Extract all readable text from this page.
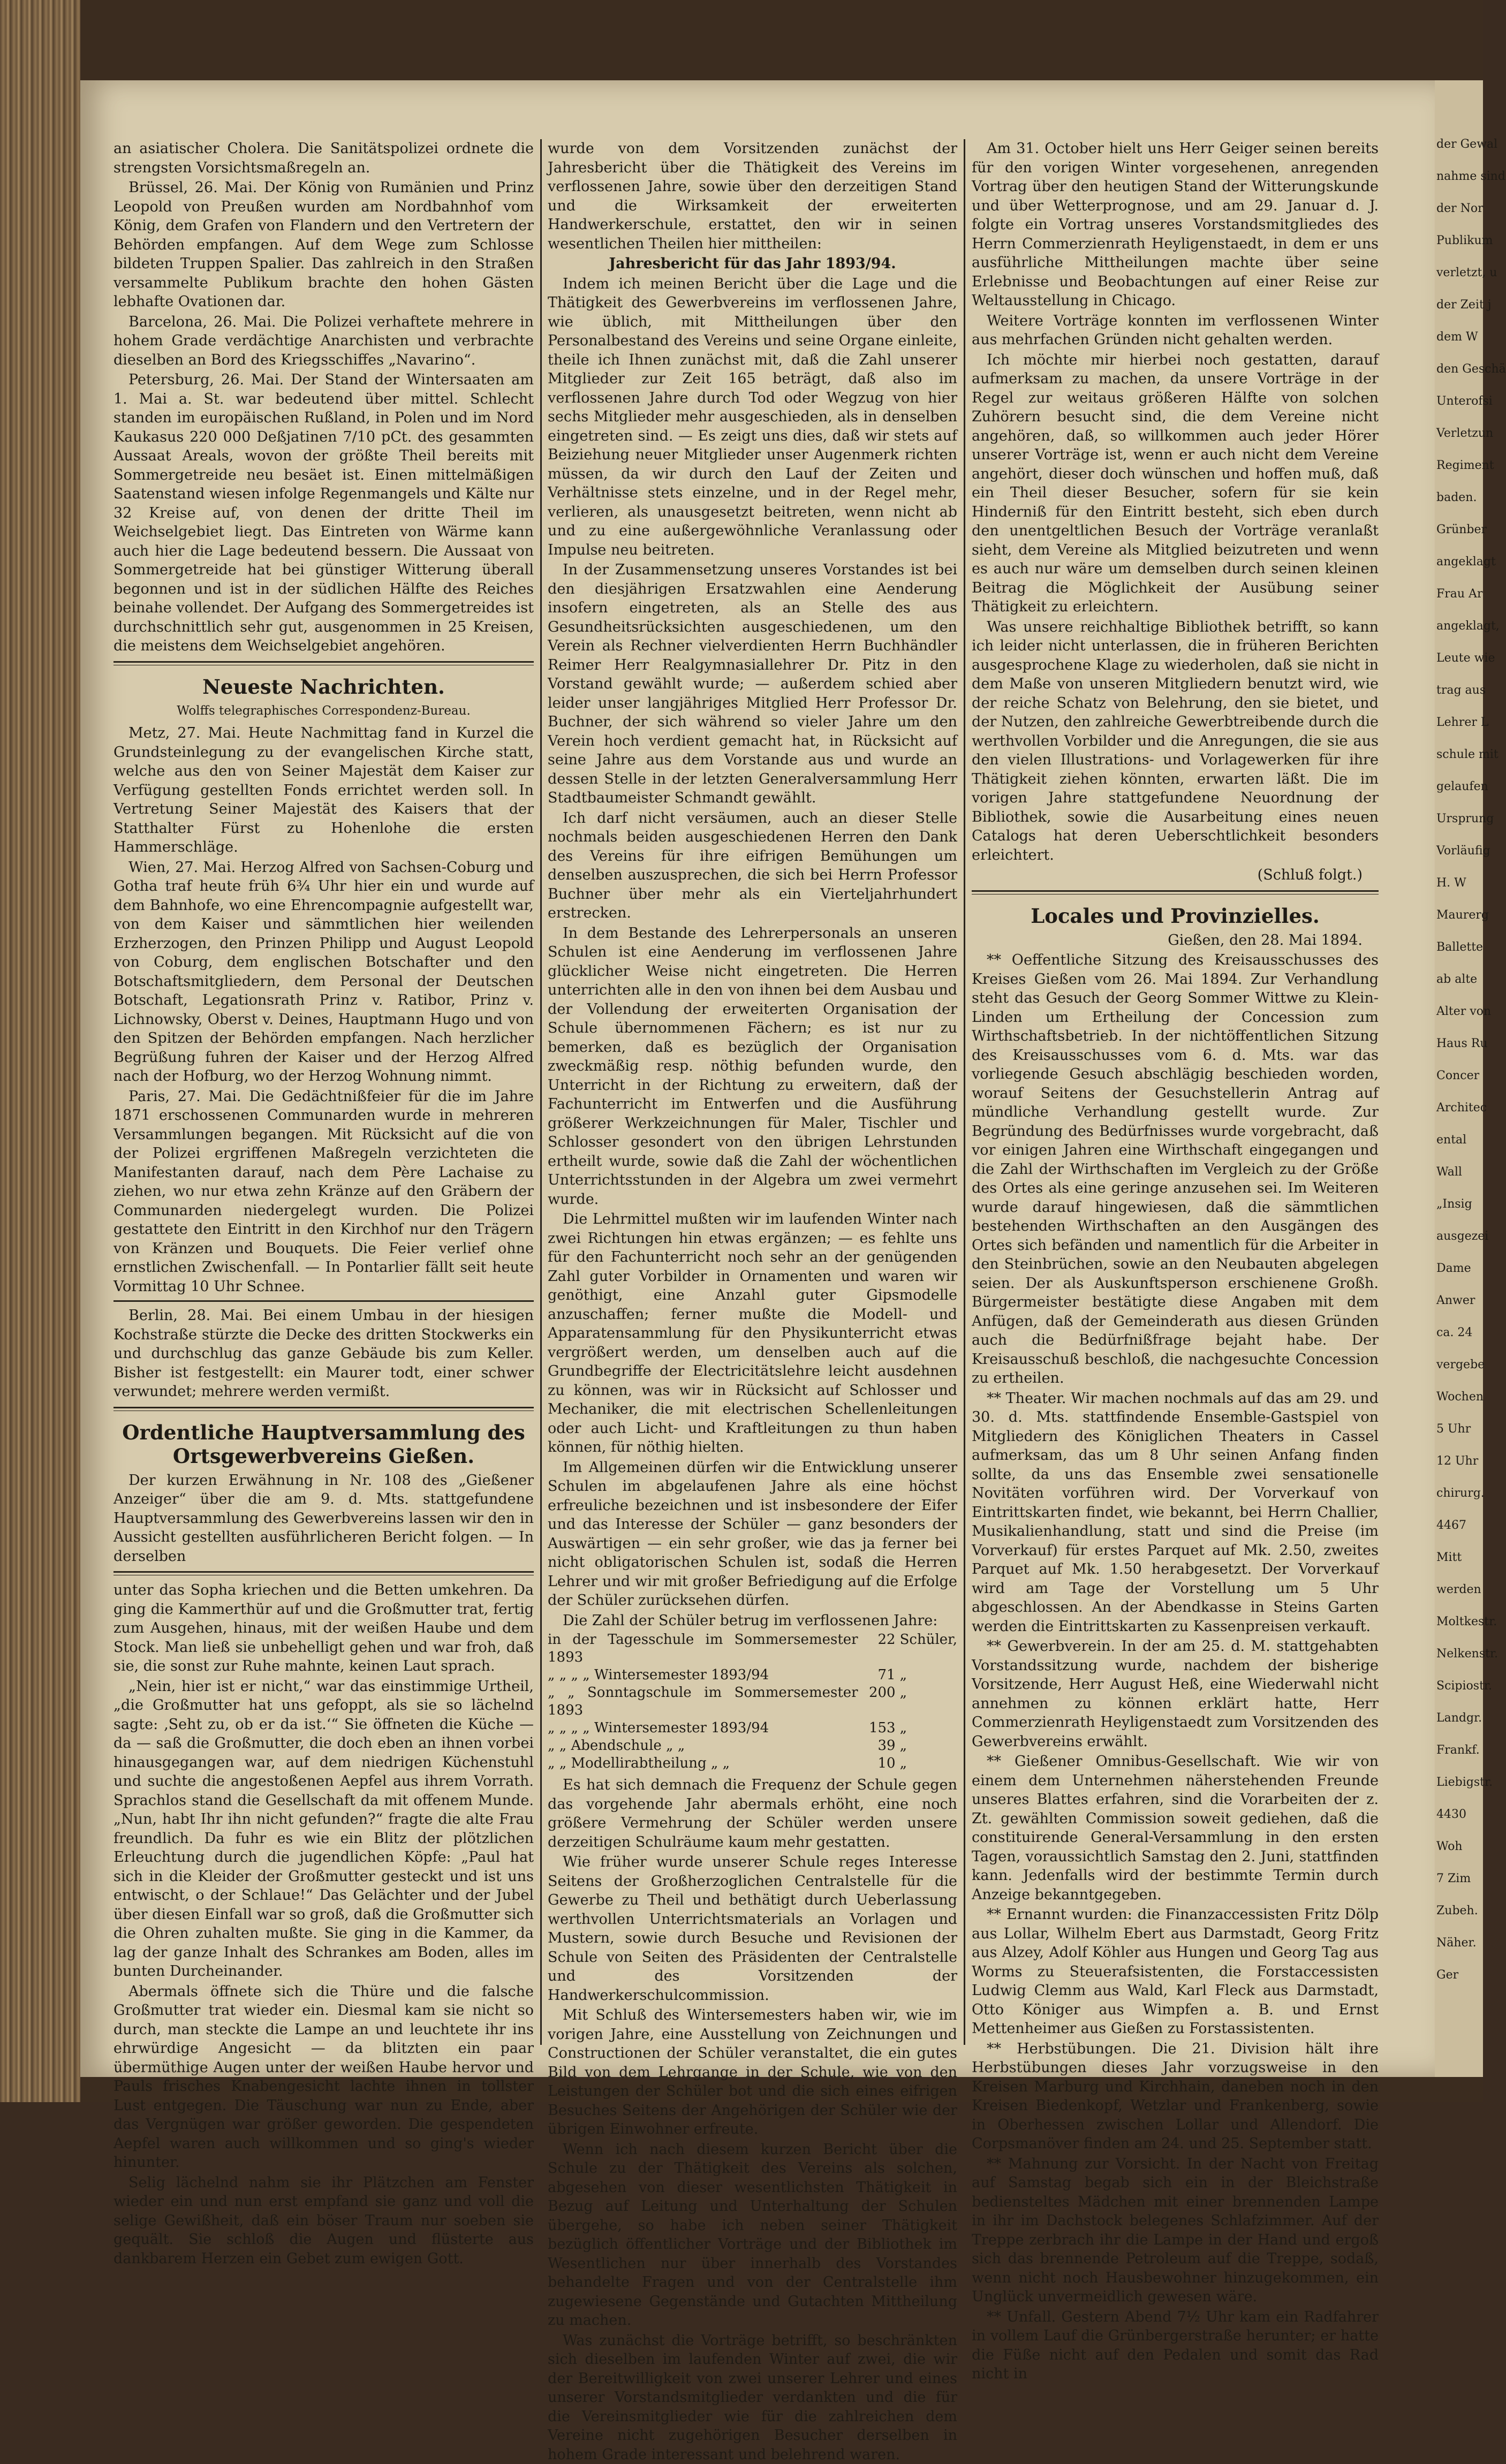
an asiatischer Cholera. Die Sanitätspolizei ordnete die strengsten Vorsichtsmaßregeln an.

Brüssel, 26. Mai. Der König von Rumänien und Prinz Leopold von Preußen wurden am Nordbahnhof vom König, dem Grafen von Flandern und den Vertretern der Behörden empfangen. Auf dem Wege zum Schlosse bildeten Truppen Spalier. Das zahlreich in den Straßen versammelte Publikum brachte den hohen Gästen lebhafte Ovationen dar.

Barcelona, 26. Mai. Die Polizei verhaftete mehrere in hohem Grade verdächtige Anarchisten und verbrachte dieselben an Bord des Kriegsschiffes „Navarino“.

Petersburg, 26. Mai. Der Stand der Wintersaaten am 1. Mai a. St. war bedeutend über mittel. Schlecht standen im europäischen Rußland, in Polen und im Nord Kaukasus 220 000 Deßjatinen 7/10 pCt. des gesammten Aussaat Areals, wovon der größte Theil bereits mit Sommergetreide neu besäet ist. Einen mittelmäßigen Saatenstand wiesen infolge Regenmangels und Kälte nur 32 Kreise auf, von denen der dritte Theil im Weichselgebiet liegt. Das Eintreten von Wärme kann auch hier die Lage bedeutend bessern. Die Aussaat von Sommergetreide hat bei günstiger Witterung überall begonnen und ist in der südlichen Hälfte des Reiches beinahe vollendet. Der Aufgang des Sommergetreides ist durchschnittlich sehr gut, ausgenommen in 25 Kreisen, die meistens dem Weichselgebiet angehören.

Neueste Nachrichten.
Wolffs telegraphisches Correspondenz-Bureau.

Metz, 27. Mai. Heute Nachmittag fand in Kurzel die Grundsteinlegung zu der evangelischen Kirche statt, welche aus den von Seiner Majestät dem Kaiser zur Verfügung gestellten Fonds errichtet werden soll. In Vertretung Seiner Majestät des Kaisers that der Statthalter Fürst zu Hohenlohe die ersten Hammerschläge.

Wien, 27. Mai. Herzog Alfred von Sachsen-Coburg und Gotha traf heute früh 6¾ Uhr hier ein und wurde auf dem Bahnhofe, wo eine Ehrencompagnie aufgestellt war, von dem Kaiser und sämmtlichen hier weilenden Erzherzogen, den Prinzen Philipp und August Leopold von Coburg, dem englischen Botschafter und den Botschaftsmitgliedern, dem Personal der Deutschen Botschaft, Legationsrath Prinz v. Ratibor, Prinz v. Lichnowsky, Oberst v. Deines, Hauptmann Hugo und von den Spitzen der Behörden empfangen. Nach herzlicher Begrüßung fuhren der Kaiser und der Herzog Alfred nach der Hofburg, wo der Herzog Wohnung nimmt.

Paris, 27. Mai. Die Gedächtnißfeier für die im Jahre 1871 erschossenen Communarden wurde in mehreren Versammlungen begangen. Mit Rücksicht auf die von der Polizei ergriffenen Maßregeln verzichteten die Manifestanten darauf, nach dem Père Lachaise zu ziehen, wo nur etwa zehn Kränze auf den Gräbern der Communarden niedergelegt wurden. Die Polizei gestattete den Eintritt in den Kirchhof nur den Trägern von Kränzen und Bouquets. Die Feier verlief ohne ernstlichen Zwischenfall. — In Pontarlier fällt seit heute Vormittag 10 Uhr Schnee.

Berlin, 28. Mai. Bei einem Umbau in der hiesigen Kochstraße stürzte die Decke des dritten Stockwerks ein und durchschlug das ganze Gebäude bis zum Keller. Bisher ist festgestellt: ein Maurer todt, einer schwer verwundet; mehrere werden vermißt.

Ordentliche Hauptversammlung des Ortsgewerbvereins Gießen.

Der kurzen Erwähnung in Nr. 108 des „Gießener Anzeiger“ über die am 9. d. Mts. stattgefundene Hauptversammlung des Gewerbvereins lassen wir den in Aussicht gestellten ausführlicheren Bericht folgen. — In derselben

unter das Sopha kriechen und die Betten umkehren. Da ging die Kammerthür auf und die Großmutter trat, fertig zum Ausgehen, hinaus, mit der weißen Haube und dem Stock. Man ließ sie unbehelligt gehen und war froh, daß sie, die sonst zur Ruhe mahnte, keinen Laut sprach.

„Nein, hier ist er nicht,“ war das einstimmige Urtheil, „die Großmutter hat uns gefoppt, als sie so lächelnd sagte: ‚Seht zu, ob er da ist.‘“ Sie öffneten die Küche — da — saß die Großmutter, die doch eben an ihnen vorbei hinausgegangen war, auf dem niedrigen Küchenstuhl und suchte die angestoßenen Aepfel aus ihrem Vorrath. Sprachlos stand die Gesellschaft da mit offenem Munde. „Nun, habt Ihr ihn nicht gefunden?“ fragte die alte Frau freundlich. Da fuhr es wie ein Blitz der plötzlichen Erleuchtung durch die jugendlichen Köpfe: „Paul hat sich in die Kleider der Großmutter gesteckt und ist uns entwischt, o der Schlaue!“ Das Gelächter und der Jubel über diesen Einfall war so groß, daß die Großmutter sich die Ohren zuhalten mußte. Sie ging in die Kammer, da lag der ganze Inhalt des Schrankes am Boden, alles im bunten Durcheinander.

Abermals öffnete sich die Thüre und die falsche Großmutter trat wieder ein. Diesmal kam sie nicht so durch, man steckte die Lampe an und leuchtete ihr ins ehrwürdige Angesicht — da blitzten ein paar übermüthige Augen unter der weißen Haube hervor und Pauls frisches Knabengesicht lachte ihnen in tollster Lust entgegen. Die Täuschung war nun zu Ende, aber das Vergnügen war größer geworden. Die gespendeten Aepfel waren auch willkommen und so ging's wieder hinunter.

Selig lächelnd nahm sie ihr Plätzchen am Fenster wieder ein und nun erst empfand sie ganz und voll die selige Gewißheit, daß ein böser Traum nur soeben sie gequält. Sie schloß die Augen und flüsterte aus dankbarem Herzen ein Gebet zum ewigen Gott.

wurde von dem Vorsitzenden zunächst der Jahresbericht über die Thätigkeit des Vereins im verflossenen Jahre, sowie über den derzeitigen Stand und die Wirksamkeit der erweiterten Handwerkerschule, erstattet, den wir in seinen wesentlichen Theilen hier mittheilen:

Jahresbericht für das Jahr 1893/94.

Indem ich meinen Bericht über die Lage und die Thätigkeit des Gewerbvereins im verflossenen Jahre, wie üblich, mit Mittheilungen über den Personalbestand des Vereins und seine Organe einleite, theile ich Ihnen zunächst mit, daß die Zahl unserer Mitglieder zur Zeit 165 beträgt, daß also im verflossenen Jahre durch Tod oder Wegzug von hier sechs Mitglieder mehr ausgeschieden, als in denselben eingetreten sind. — Es zeigt uns dies, daß wir stets auf Beiziehung neuer Mitglieder unser Augenmerk richten müssen, da wir durch den Lauf der Zeiten und Verhältnisse stets einzelne, und in der Regel mehr, verlieren, als unausgesetzt beitreten, wenn nicht ab und zu eine außergewöhnliche Veranlassung oder Impulse neu beitreten.

In der Zusammensetzung unseres Vorstandes ist bei den diesjährigen Ersatzwahlen eine Aenderung insofern eingetreten, als an Stelle des aus Gesundheitsrücksichten ausgeschiedenen, um den Verein als Rechner vielverdienten Herrn Buchhändler Reimer Herr Realgymnasiallehrer Dr. Pitz in den Vorstand gewählt wurde; — außerdem schied aber leider unser langjähriges Mitglied Herr Professor Dr. Buchner, der sich während so vieler Jahre um den Verein hoch verdient gemacht hat, in Rücksicht auf seine Jahre aus dem Vorstande aus und wurde an dessen Stelle in der letzten Generalversammlung Herr Stadtbaumeister Schmandt gewählt.

Ich darf nicht versäumen, auch an dieser Stelle nochmals beiden ausgeschiedenen Herren den Dank des Vereins für ihre eifrigen Bemühungen um denselben auszusprechen, die sich bei Herrn Professor Buchner über mehr als ein Vierteljahrhundert erstrecken.

In dem Bestande des Lehrerpersonals an unseren Schulen ist eine Aenderung im verflossenen Jahre glücklicher Weise nicht eingetreten. Die Herren unterrichten alle in den von ihnen bei dem Ausbau und der Vollendung der erweiterten Organisation der Schule übernommenen Fächern; es ist nur zu bemerken, daß es bezüglich der Organisation zweckmäßig resp. nöthig befunden wurde, den Unterricht in der Richtung zu erweitern, daß der Fachunterricht im Entwerfen und die Ausführung größerer Werkzeichnungen für Maler, Tischler und Schlosser gesondert von den übrigen Lehrstunden ertheilt wurde, sowie daß die Zahl der wöchentlichen Unterrichtsstunden in der Algebra um zwei vermehrt wurde.

Die Lehrmittel mußten wir im laufenden Winter nach zwei Richtungen hin etwas ergänzen; — es fehlte uns für den Fachunterricht noch sehr an der genügenden Zahl guter Vorbilder in Ornamenten und waren wir genöthigt, eine Anzahl guter Gipsmodelle anzuschaffen; ferner mußte die Modell- und Apparatensammlung für den Physikunterricht etwas vergrößert werden, um denselben auch auf die Grundbegriffe der Electricitätslehre leicht ausdehnen zu können, was wir in Rücksicht auf Schlosser und Mechaniker, die mit electrischen Schellenleitungen oder auch Licht- und Kraftleitungen zu thun haben können, für nöthig hielten.

Im Allgemeinen dürfen wir die Entwicklung unserer Schulen im abgelaufenen Jahre als eine höchst erfreuliche bezeichnen und ist insbesondere der Eifer und das Interesse der Schüler — ganz besonders der Auswärtigen — ein sehr großer, wie das ja ferner bei nicht obligatorischen Schulen ist, sodaß die Herren Lehrer und wir mit großer Befriedigung auf die Erfolge der Schüler zurücksehen dürfen.

Die Zahl der Schüler betrug im verflossenen Jahre:

in der Tagesschule im Sommersemester 1893	22	Schüler,
„ „ „ „ Wintersemester 1893/94	71	„
„ „ Sonntagschule im Sommersemester 1893	200	„
„ „ „ „ Wintersemester 1893/94	153	„
„ „ Abendschule „ „	39	„
„ „ Modellirabtheilung „ „	10	„

Es hat sich demnach die Frequenz der Schule gegen das vorgehende Jahr abermals erhöht, eine noch größere Vermehrung der Schüler werden unsere derzeitigen Schulräume kaum mehr gestatten.

Wie früher wurde unserer Schule reges Interesse Seitens der Großherzoglichen Centralstelle für die Gewerbe zu Theil und bethätigt durch Ueberlassung werthvollen Unterrichtsmaterials an Vorlagen und Mustern, sowie durch Besuche und Revisionen der Schule von Seiten des Präsidenten der Centralstelle und des Vorsitzenden der Handwerkerschulcommission.

Mit Schluß des Wintersemesters haben wir, wie im vorigen Jahre, eine Ausstellung von Zeichnungen und Constructionen der Schüler veranstaltet, die ein gutes Bild von dem Lehrgange in der Schule, wie von den Leistungen der Schüler bot und die sich eines eifrigen Besuches Seitens der Angehörigen der Schüler wie der übrigen Einwohner erfreute.

Wenn ich nach diesem kurzen Bericht über die Schule zu der Thätigkeit des Vereins als solchen, abgesehen von dieser wesentlichsten Thätigkeit in Bezug auf Leitung und Unterhaltung der Schulen übergehe, so habe ich neben seiner Thätigkeit bezüglich öffentlicher Vorträge und der Bibliothek im Wesentlichen nur über innerhalb des Vorstandes behandelte Fragen und von der Centralstelle ihm zugewiesene Gegenstände und Gutachten Mittheilung zu machen.

Was zunächst die Vorträge betrifft, so beschränkten sich dieselben im laufenden Winter auf zwei, die wir der Bereitwilligkeit von zwei unserer Lehrer und eines unserer Vorstandsmitglieder verdankten und die für die Vereinsmitglieder wie für die zahlreichen dem Vereine nicht zugehörigen Besucher derselben in hohem Grade interessant und belehrend waren.

Am 31. October hielt uns Herr Geiger seinen bereits für den vorigen Winter vorgesehenen, anregenden Vortrag über den heutigen Stand der Witterungskunde und über Wetterprognose, und am 29. Januar d. J. folgte ein Vortrag unseres Vorstandsmitgliedes des Herrn Commerzienrath Heyligenstaedt, in dem er uns ausführliche Mittheilungen machte über seine Erlebnisse und Beobachtungen auf einer Reise zur Weltausstellung in Chicago.

Weitere Vorträge konnten im verflossenen Winter aus mehrfachen Gründen nicht gehalten werden.

Ich möchte mir hierbei noch gestatten, darauf aufmerksam zu machen, da unsere Vorträge in der Regel zur weitaus größeren Hälfte von solchen Zuhörern besucht sind, die dem Vereine nicht angehören, daß, so willkommen auch jeder Hörer unserer Vorträge ist, wenn er auch nicht dem Vereine angehört, dieser doch wünschen und hoffen muß, daß ein Theil dieser Besucher, sofern für sie kein Hinderniß für den Eintritt besteht, sich eben durch den unentgeltlichen Besuch der Vorträge veranlaßt sieht, dem Vereine als Mitglied beizutreten und wenn es auch nur wäre um demselben durch seinen kleinen Beitrag die Möglichkeit der Ausübung seiner Thätigkeit zu erleichtern.

Was unsere reichhaltige Bibliothek betrifft, so kann ich leider nicht unterlassen, die in früheren Berichten ausgesprochene Klage zu wiederholen, daß sie nicht in dem Maße von unseren Mitgliedern benutzt wird, wie der reiche Schatz von Belehrung, den sie bietet, und der Nutzen, den zahlreiche Gewerbtreibende durch die werthvollen Vorbilder und die Anregungen, die sie aus den vielen Illustrations- und Vorlagewerken für ihre Thätigkeit ziehen könnten, erwarten läßt. Die im vorigen Jahre stattgefundene Neuordnung der Bibliothek, sowie die Ausarbeitung eines neuen Catalogs hat deren Ueberschtlichkeit besonders erleichtert.

(Schluß folgt.)

Locales und Provinzielles.

Gießen, den 28. Mai 1894.

** Oeffentliche Sitzung des Kreisausschusses des Kreises Gießen vom 26. Mai 1894. Zur Verhandlung steht das Gesuch der Georg Sommer Wittwe zu Klein-Linden um Ertheilung der Concession zum Wirthschaftsbetrieb. In der nichtöffentlichen Sitzung des Kreisausschusses vom 6. d. Mts. war das vorliegende Gesuch abschlägig beschieden worden, worauf Seitens der Gesuchstellerin Antrag auf mündliche Verhandlung gestellt wurde. Zur Begründung des Bedürfnisses wurde vorgebracht, daß vor einigen Jahren eine Wirthschaft eingegangen und die Zahl der Wirthschaften im Vergleich zu der Größe des Ortes als eine geringe anzusehen sei. Im Weiteren wurde darauf hingewiesen, daß die sämmtlichen bestehenden Wirthschaften an den Ausgängen des Ortes sich befänden und namentlich für die Arbeiter in den Steinbrüchen, sowie an den Neubauten abgelegen seien. Der als Auskunftsperson erschienene Großh. Bürgermeister bestätigte diese Angaben mit dem Anfügen, daß der Gemeinderath aus diesen Gründen auch die Bedürfnißfrage bejaht habe. Der Kreisausschuß beschloß, die nachgesuchte Concession zu ertheilen.

** Theater. Wir machen nochmals auf das am 29. und 30. d. Mts. stattfindende Ensemble-Gastspiel von Mitgliedern des Königlichen Theaters in Cassel aufmerksam, das um 8 Uhr seinen Anfang finden sollte, da uns das Ensemble zwei sensationelle Novitäten vorführen wird. Der Vorverkauf von Eintrittskarten findet, wie bekannt, bei Herrn Challier, Musikalienhandlung, statt und sind die Preise (im Vorverkauf) für erstes Parquet auf Mk. 2.50, zweites Parquet auf Mk. 1.50 herabgesetzt. Der Vorverkauf wird am Tage der Vorstellung um 5 Uhr abgeschlossen. An der Abendkasse in Steins Garten werden die Eintrittskarten zu Kassenpreisen verkauft.

** Gewerbverein. In der am 25. d. M. stattgehabten Vorstandssitzung wurde, nachdem der bisherige Vorsitzende, Herr August Heß, eine Wiederwahl nicht annehmen zu können erklärt hatte, Herr Commerzienrath Heyligenstaedt zum Vorsitzenden des Gewerbvereins erwählt.

** Gießener Omnibus-Gesellschaft. Wie wir von einem dem Unternehmen näherstehenden Freunde unseres Blattes erfahren, sind die Vorarbeiten der z. Zt. gewählten Commission soweit gediehen, daß die constituirende General-Versammlung in den ersten Tagen, voraussichtlich Samstag den 2. Juni, stattfinden kann. Jedenfalls wird der bestimmte Termin durch Anzeige bekanntgegeben.

** Ernannt wurden: die Finanzaccessisten Fritz Dölp aus Lollar, Wilhelm Ebert aus Darmstadt, Georg Fritz aus Alzey, Adolf Köhler aus Hungen und Georg Tag aus Worms zu Steuerafsistenten, die Forstaccessisten Ludwig Clemm aus Wald, Karl Fleck aus Darmstadt, Otto Königer aus Wimpfen a. B. und Ernst Mettenheimer aus Gießen zu Forstassistenten.

** Herbstübungen. Die 21. Division hält ihre Herbstübungen dieses Jahr vorzugsweise in den Kreisen Marburg und Kirchhain, daneben noch in den Kreisen Biedenkopf, Wetzlar und Frankenberg, sowie in Oberhessen zwischen Lollar und Allendorf. Die Corpsmanöver finden am 24. und 25. September statt.

** Mahnung zur Vorsicht. In der Nacht von Freitag auf Samstag begab sich ein in der Bleichstraße bediensteltes Mädchen mit einer brennenden Lampe in ihr im Dachstock belegenes Schlafzimmer. Auf der Treppe zerbrach ihr die Lampe in der Hand und ergoß sich das brennende Petroleum auf die Treppe, sodaß, wenn nicht noch Hausbewohner hinzugekommen, ein Unglück unvermeidlich gewesen wäre.

** Unfall. Gestern Abend 7½ Uhr kam ein Radfahrer in vollem Lauf die Grünbergerstraße herunter; er hatte die Füße nicht auf den Pedalen und somit das Rad nicht in

der Gewal
nahme sind
der Nor
Publikum
verletzt, u
der Zeit j
dem W
den Geschä
Unterofsi
Verletzun
Regiment
baden.
Grünber
angeklagt
Frau Ar
angeklagt,
Leute wie
trag aus
Lehrer L
schule mit
gelaufen
Ursprung
Vorläufig
H. W
Maurerg
Ballette
ab alte
Alter von
Haus Ru
Concer
Architec
ental
Wall
„Insig
ausgezei
Dame
Anwer
ca. 24
vergebe
Wochen
5 Uhr
12 Uhr
chirurg.
4467
Mitt
werden
Moltkestr.
Nelkenstr.
Scipiostr.
Landgr.
Frankf.
Liebigstr.
4430
Woh
7 Zim
Zubeh.
Näher.
Ger
